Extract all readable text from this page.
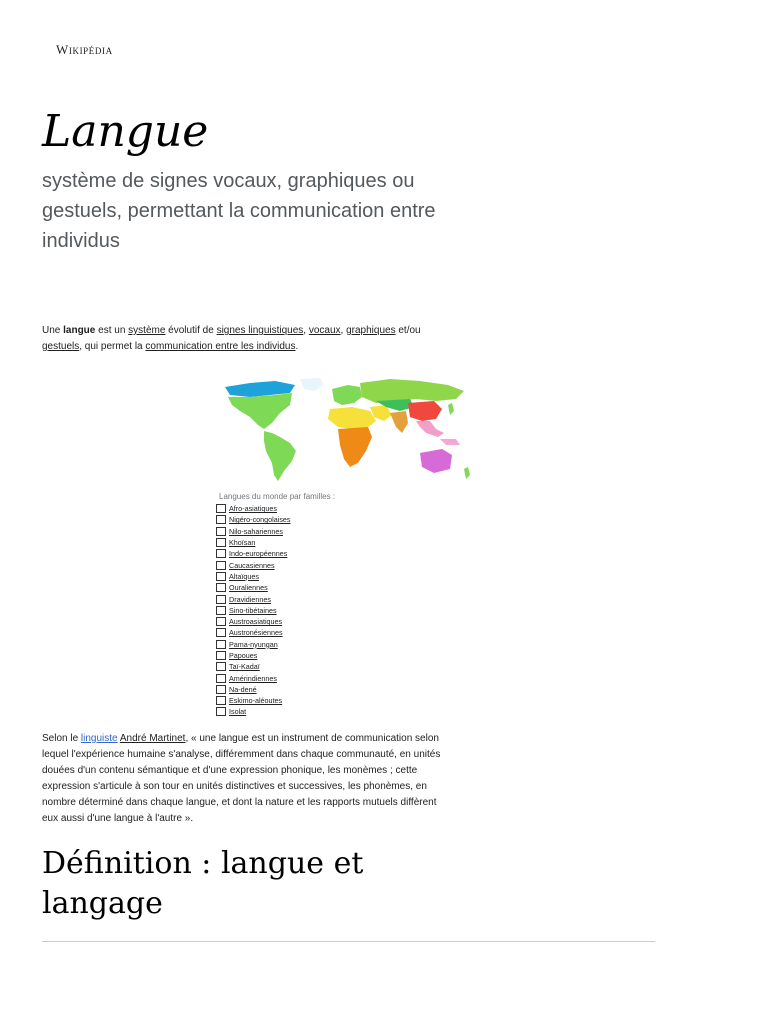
Wikipédia
Langue

système de signes vocaux, graphiques ou gestuels, permettant la communication entre individus

Une langue est un système évolutif de signes linguistiques, vocaux, graphiques et/ou gestuels, qui permet la communication entre les individus.

Langues du monde par familles :
Afro-asiatiques
Nigéro-congolaises
Nilo-sahariennes
Khoïsan
Indo-européennes
Caucasiennes
Altaïques
Ouraliennes
Dravidiennes
Sino-tibétaines
Austroasiatiques
Austronésiennes
Pama-nyungan
Papoues
Taï-Kadaï
Amérindiennes
Na-dené
Eskimo-aléoutes
Isolat

Selon le linguiste André Martinet, « une langue est un instrument de communication selon lequel l'expérience humaine s'analyse, différemment dans chaque communauté, en unités douées d'un contenu sémantique et d'une expression phonique, les monèmes ; cette expression s'articule à son tour en unités distinctives et successives, les phonèmes, en nombre déterminé dans chaque langue, et dont la nature et les rapports mutuels diffèrent eux aussi d'une langue à l'autre ».

Définition : langue et langage
